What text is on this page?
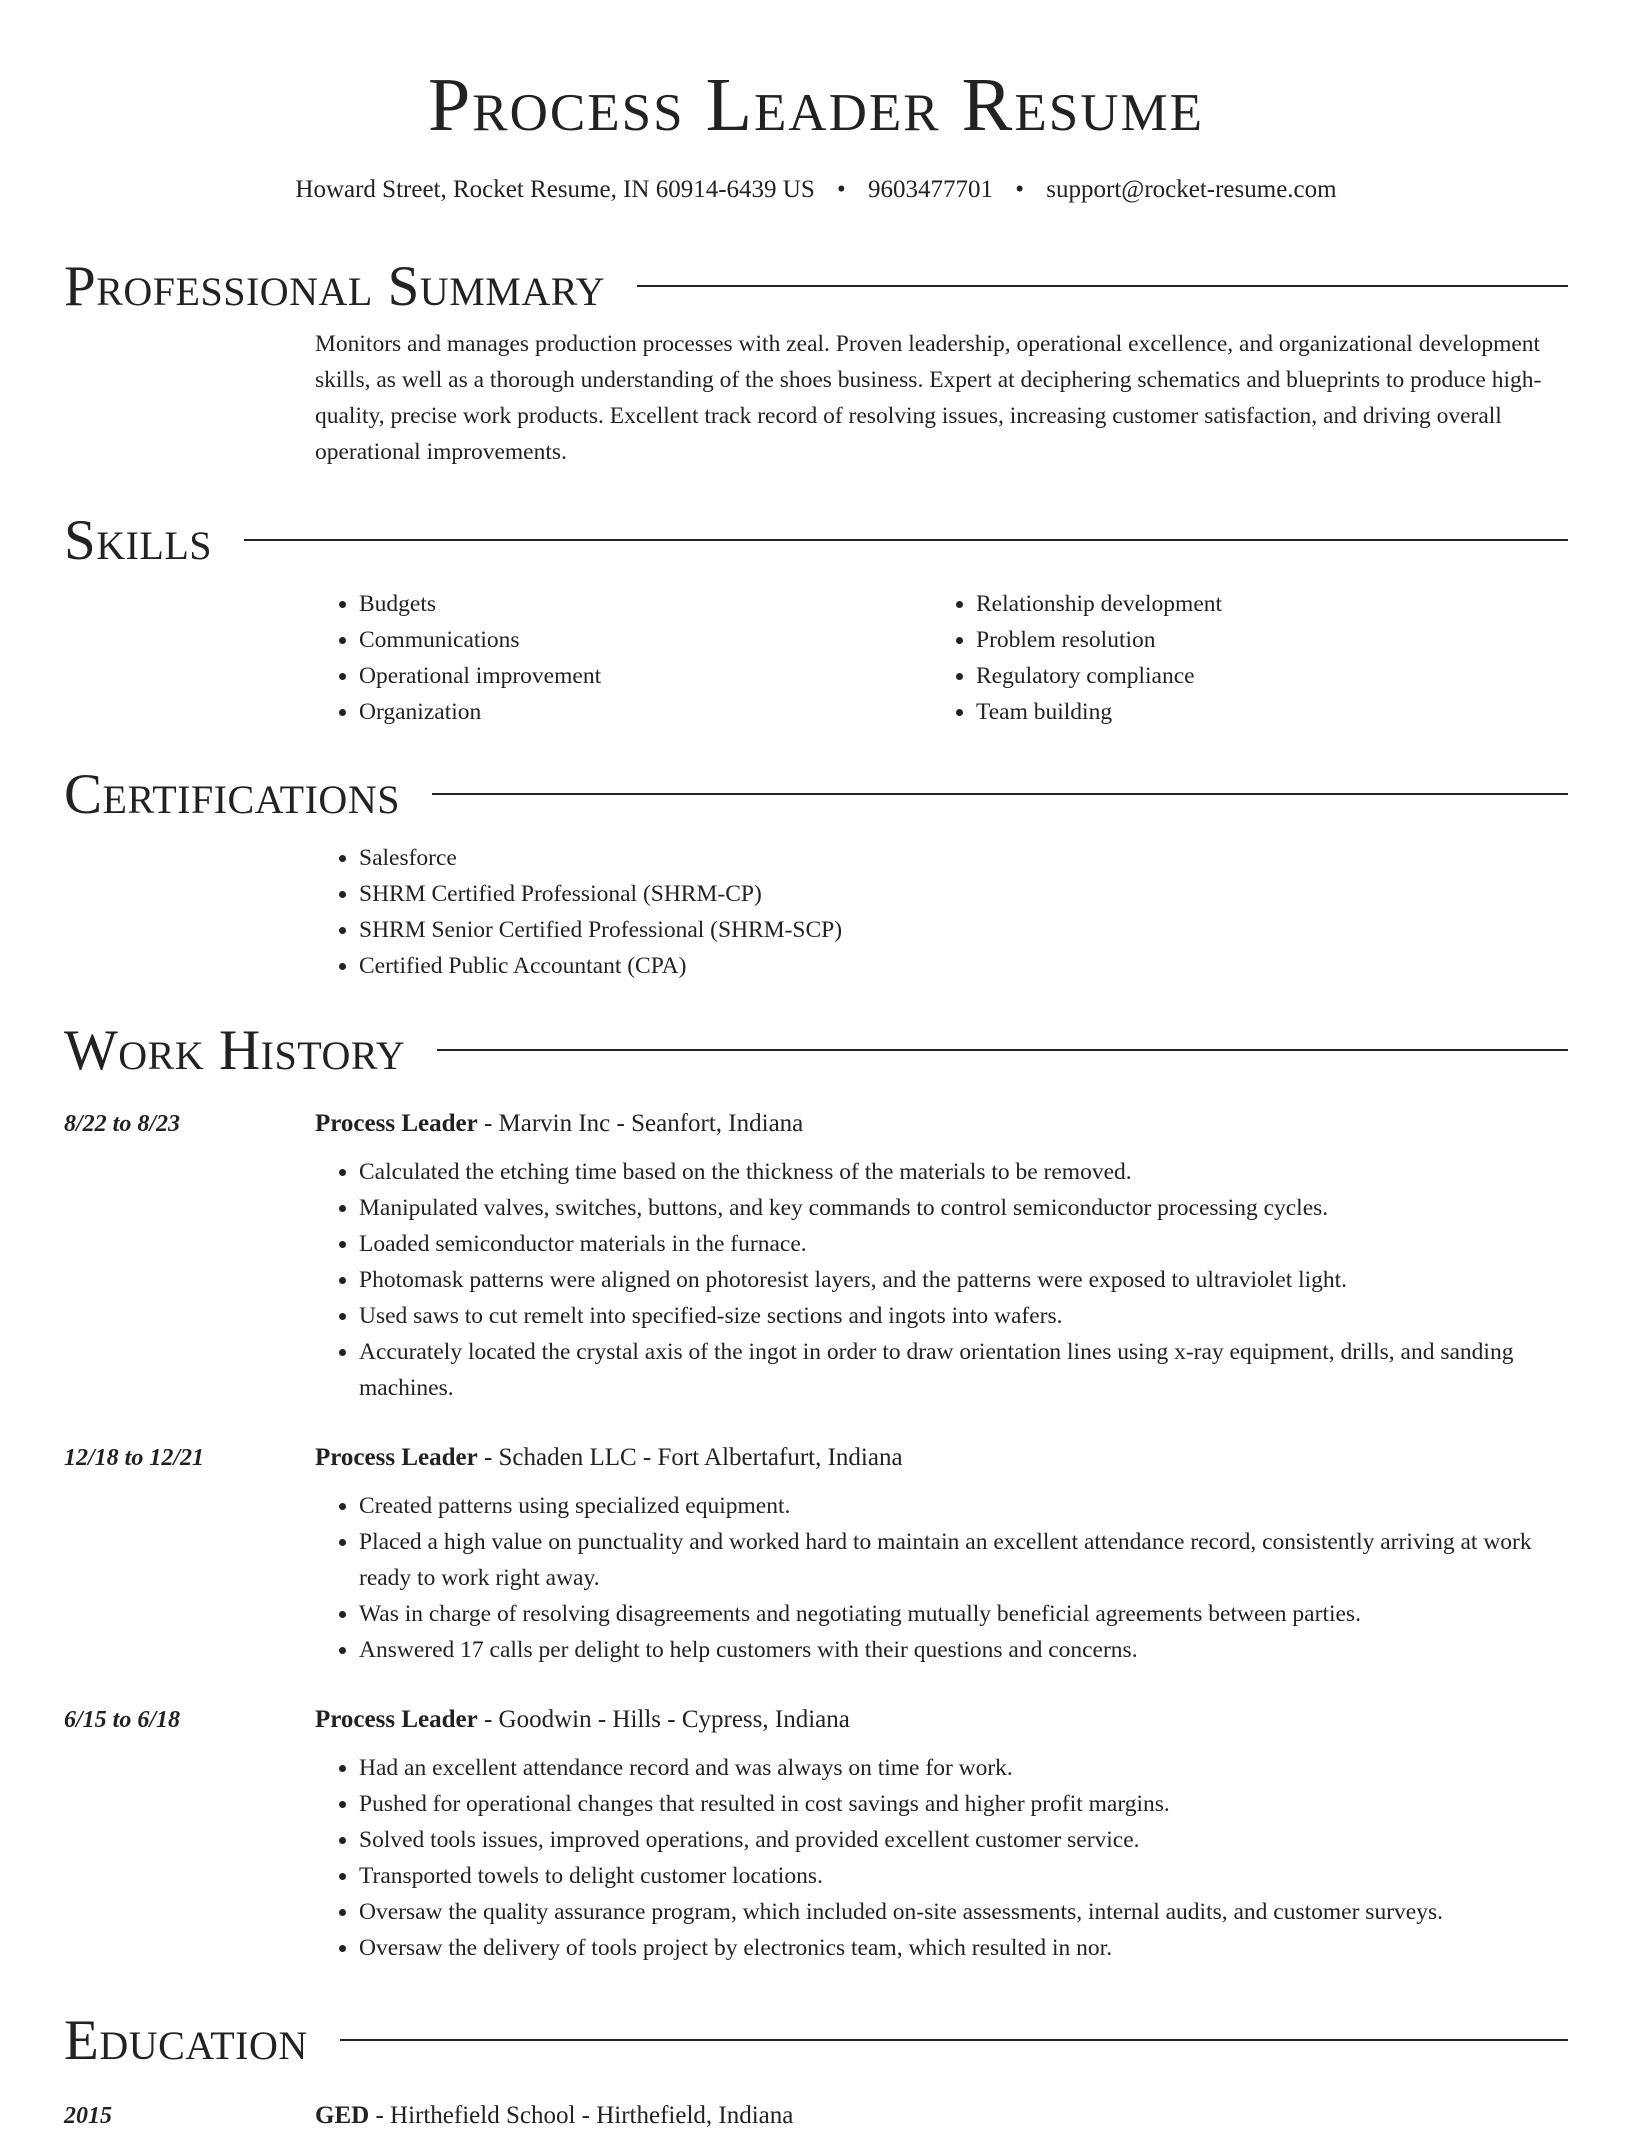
Process Leader Resume
Howard Street, Rocket Resume, IN 60914-6439 US • 9603477701 • support@rocket-resume.com
Professional Summary
Monitors and manages production processes with zeal. Proven leadership, operational excellence, and organizational development skills, as well as a thorough understanding of the shoes business. Expert at deciphering schematics and blueprints to produce high-quality, precise work products. Excellent track record of resolving issues, increasing customer satisfaction, and driving overall operational improvements.
Skills
• Budgets
• Communications
• Operational improvement
• Organization
• Relationship development
• Problem resolution
• Regulatory compliance
• Team building
Certifications
• Salesforce
• SHRM Certified Professional (SHRM-CP)
• SHRM Senior Certified Professional (SHRM-SCP)
• Certified Public Accountant (CPA)
Work History
8/22 to 8/23	Process Leader - Marvin Inc - Seanfort, Indiana
• Calculated the etching time based on the thickness of the materials to be removed.
• Manipulated valves, switches, buttons, and key commands to control semiconductor processing cycles.
• Loaded semiconductor materials in the furnace.
• Photomask patterns were aligned on photoresist layers, and the patterns were exposed to ultraviolet light.
• Used saws to cut remelt into specified-size sections and ingots into wafers.
• Accurately located the crystal axis of the ingot in order to draw orientation lines using x-ray equipment, drills, and sanding machines.
12/18 to 12/21	Process Leader - Schaden LLC - Fort Albertafurt, Indiana
• Created patterns using specialized equipment.
• Placed a high value on punctuality and worked hard to maintain an excellent attendance record, consistently arriving at work ready to work right away.
• Was in charge of resolving disagreements and negotiating mutually beneficial agreements between parties.
• Answered 17 calls per delight to help customers with their questions and concerns.
6/15 to 6/18	Process Leader - Goodwin - Hills - Cypress, Indiana
• Had an excellent attendance record and was always on time for work.
• Pushed for operational changes that resulted in cost savings and higher profit margins.
• Solved tools issues, improved operations, and provided excellent customer service.
• Transported towels to delight customer locations.
• Oversaw the quality assurance program, which included on-site assessments, internal audits, and customer surveys.
• Oversaw the delivery of tools project by electronics team, which resulted in nor.
Education
2015	GED - Hirthefield School - Hirthefield, Indiana
